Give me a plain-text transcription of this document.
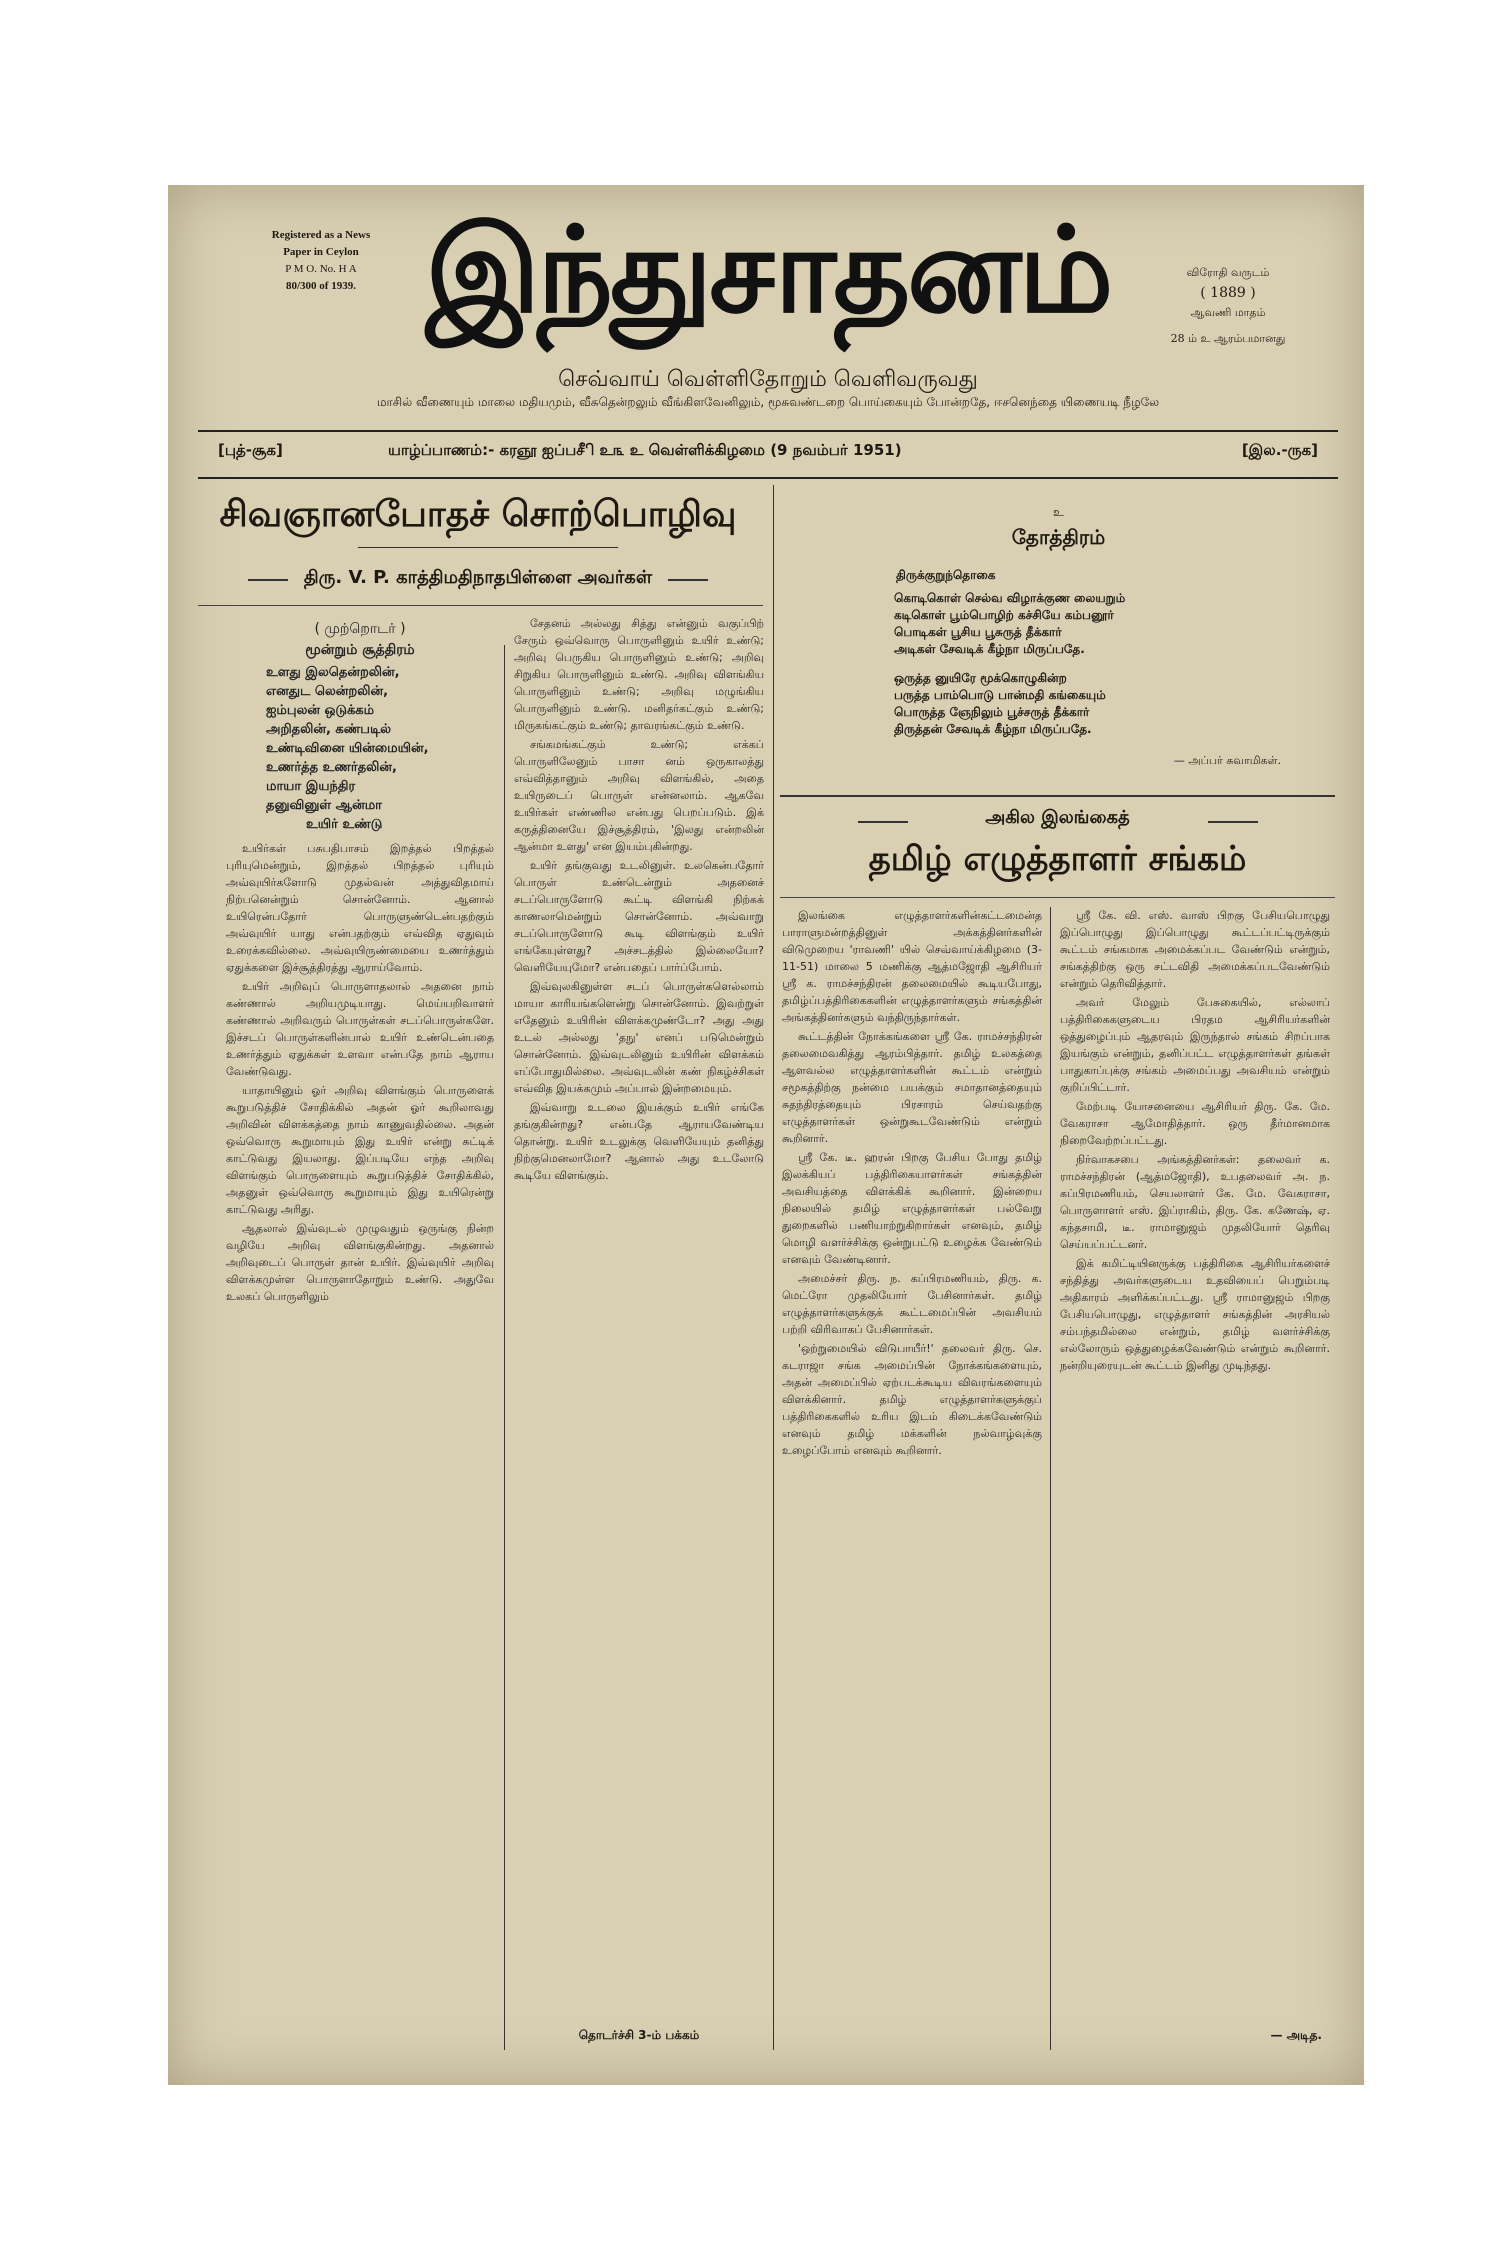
Registered as a News
Paper in Ceylon
P M O. No. H A
80/300 of 1939. இந்துசாதனம்	விரோதி வருடம்
( 1889 )
ஆவணி மாதம்
28 ம் உ ஆரம்பமானது
செவ்வாய் வெள்ளிதோறும் வெளிவருவது
மாசில் வீணையும் மாலை மதியமும், வீசுதென்றலும் வீங்கிளவேனிலும், மூசுவண்டறை பொய்கையும் போன்றதே, ஈசனெந்தை யிணையடி நீழலே
[புத்-சூக]	யாழ்ப்பாணம்:- கரஞூ ஐப்பசிீ உ௩ உ வெள்ளிக்கிழமை (9 நவம்பர் 1951)	[இல.-ருக]
சிவஞானபோதச் சொற்பொழிவு
திரு. V. P. காத்திமதிநாதபிள்ளை அவர்கள்
( முற்றொடர் )
மூன்றும் சூத்திரம்
உளது இலதென்றலின்,
எனதுட லென்றலின்,
ஐம்புலன் ஒடுக்கம்
அறிதலின், கண்படில்
உண்டிவினை யின்மையின்,
உணர்த்த உணர்தலின்,
மாயா இயந்திர
தனுவினுள் ஆன்மா
உயிர் உண்டு

உயிர்கள் பசுபதிபாசம் இறத்தல் பிறத்தல் புரியுமென்றும், இறத்தல் பிறத்தல் புரியும் அவ்வுயிர்களோடு முதல்வன் அத்துவிதமாய் நிற்பனென்றும் சொன்னோம். ஆனால் உயிரென்பதோர் பொருளுண்டென்பதற்கும் அவ்வுயிர் யாது என்பதற்கும் எவ்வித ஏதுவும் உரைக்கவில்லை. அவ்வுயிருண்மையை உணர்த்தும் ஏதுக்களை இச்சூத்திரத்து ஆராய்வோம்.

உயிர் அறிவுப் பொருளாதலால் அதனை நாம் கண்ணால் அறியமுடியாது. மெய்யறிவாளர் கண்ணால் அறிவரும் பொருள்கள் சடப்பொருள்களே. இச்சடப் பொருள்களின்பால் உயிர் உண்டென்பதை உணர்த்தும் ஏதுக்கள் உளவா என்பதே நாம் ஆராய வேண்டுவது.

யாதாயினும் ஓர் அறிவு விளங்கும் பொருளைக் கூறுபடுத்திச் சோதிக்கில் அதன் ஓர் கூறிலாவது அறிவின் விளக்கத்தை நாம் காணுவதில்லை. அதன் ஒவ்வொரு கூறுமாயும் இது உயிர் என்று சுட்டிக் காட்டுவது இயலாது. இப்படியே எந்த அறிவு விளங்கும் பொருளையும் கூறுபடுத்திச் சோதிக்கில், அதனுள் ஒவ்வொரு கூறுமாயும் இது உயிரென்று காட்டுவது அரிது.

ஆதலால் இவ்வுடல் முழுவதும் ஒருங்கு நின்ற வழியே அறிவு விளங்குகின்றது. அதனால் அறிவுடைப் பொருள் தான் உயிர். இவ்வுயிர் அறிவு விளக்கமுள்ள பொருளாதோறும் உண்டு. அதுவே உலகப் பொருளிலும்

சேதனம் அல்லது சித்து என்னும் வகுப்பிற் சேரும் ஒவ்வொரு பொருளினும் உயிர் உண்டு; அறிவு பெருகிய பொருளினும் உண்டு; அறிவு சிறுகிய பொருளினும் உண்டு. அறிவு விளங்கிய பொருளினும் உண்டு; அறிவு மழுங்கிய பொருளினும் உண்டு. மனிதர்கட்கும் உண்டு; மிருகங்கட்கும் உண்டு; தாவரங்கட்கும் உண்டு.

சங்கமங்கட்கும் உண்டு; எக்கப் பொருளிலேனும் பாசா னம் ஒருகாலத்து எவ்வித்தானும் அறிவு விளங்கில், அதை உயிருடைப் பொருள் என்னலாம். ஆகவே உயிர்கள் எண்ணில என்பது பெறப்படும். இக் கருத்தினையே இச்சூத்திரம், 'இலது என்றலின் ஆன்மா உளது' என இயம்புகின்றது.

உயிர் தங்குவது உடலினுள். உலகென்பதோர் பொருள் உண்டென்றும் அதனைச் சடப்பொருளோடு கூட்டி விளங்கி நிற்கக் காணலாமென்றும் சொன்னோம். அவ்வாறு சடப்பொருளோடு கூடி விளங்கும் உயிர் எங்கேயுள்ளது? அச்சடத்தில் இல்லையோ? வெளியேயுமோ? என்பதைப் பார்ப்போம்.

இவ்வுலகினுள்ள சடப் பொருள்களெல்லாம் மாயா காரியங்களென்று சொன்னோம். இவற்றுள் எதேனும் உயிரின் விளக்கமுண்டோ? அது அது உடல் அல்லது 'தநு' எனப் படுமென்றும் சொன்னோம். இவ்வுடலினும் உயிரின் விளக்கம் எப்போதுமில்லை. அவ்வுடலின் கண் நிகழ்ச்சிகள் எவ்வித இயக்கமும் அப்பால் இன்றமையும்.

இவ்வாறு உடலை இயக்கும் உயிர் எங்கே தங்குகின்றது? என்பதே ஆராயவேண்டிய தொன்று. உயிர் உடலுக்கு வெளியேயும் தனித்து நிற்குமெனலாமோ? ஆனால் அது உடலோடு கூடியே விளங்கும்.

தொடர்ச்சி 3-ம் பக்கம்
உ
தோத்திரம்
திருக்குறுந்தொகை
கொடிகொள் செல்வ விழாக்குண லையறும்
கடிகொள் பூம்பொழிற் கச்சியே கம்பனூர்
பொடிகள் பூசிய பூசுருத் தீக்கார்
அடிகள் சேவடிக் கீழ்நா மிருப்பதே.
ஒருத்த னுயிரே மூக்கொழுகின்ற
பருத்த பாம்பொடு பான்மதி கங்கையும்
பொருத்த ஞேநிலும் பூச்சருத் தீக்கார்
திருத்தன் சேவடிக் கீழ்நா மிருப்பதே.
— அப்பர் சுவாமிகள்.
அகில இலங்கைத்
தமிழ் எழுத்தாளர் சங்கம்

இலங்கை எழுத்தாளர்களின்கட்டமைன்த பாராளுமன்றத்தினுள் அக்கத்தினர்களின் விடுமுறைய 'ராவணி' யில் செவ்வாய்க்கிழமை (3-11-51) மாலை 5 மணிக்கு ஆத்மஜோதி ஆசிரியர் ஸ்ரீ க. ராமச்சந்திரன் தலைமையில் கூடியபோது, தமிழ்ப்பத்திரிகைகளின் எழுத்தாளர்களும் சங்கத்தின் அங்கத்தினர்களும் வந்திருந்தார்கள்.

கூட்டத்தின் நோக்கங்களை ஸ்ரீ கே. ராமச்சந்திரன் தலைமைவகித்து ஆரம்பித்தார். தமிழ் உலகத்தை ஆளவல்ல எழுத்தாளர்களின் கூட்டம் என்றும் சமூகத்திற்கு நன்மை பயக்கும் சமாதானத்தையும் சுதந்திரத்தையும் பிரசாரம் செய்வதற்கு எழுத்தாளர்கள் ஒன்றுகூடவேண்டும் என்றும் கூறினார்.

ஸ்ரீ கே. டீ. ஹரன் பிறகு பேசிய போது தமிழ் இலக்கியப் பத்திரிகையாளர்கள் சங்கத்தின் அவசியத்தை விளக்கிக் கூறினார். இன்றைய நிலையில் தமிழ் எழுத்தாளர்கள் பல்வேறு துறைகளில் பணியாற்றுகிறார்கள் எனவும், தமிழ் மொழி வளர்ச்சிக்கு ஒன்றுபட்டு உழைக்க வேண்டும் எனவும் வேண்டினார்.

அமைச்சர் திரு. ந. கப்பிரமணியம், திரு. க. மெட்ரோ முதலியோர் பேசினார்கள். தமிழ் எழுத்தாளர்களுக்குக் கூட்டமைப்பின் அவசியம் பற்றி விரிவாகப் பேசினார்கள்.

'ஒற்றுமையில் விடுபாயீர்!' தலைவர் திரு. செ. கடராஜா சங்க அமைப்பின் நோக்கங்களையும், அதன் அமைப்பில் ஏற்படக்கூடிய விவரங்களையும் விளக்கினார். தமிழ் எழுத்தாளர்களுக்குப் பத்திரிகைகளில் உரிய இடம் கிடைக்கவேண்டும் எனவும் தமிழ் மக்களின் நல்வாழ்வுக்கு உழைப்போம் எனவும் கூறினார்.

ஸ்ரீ கே. வி. எஸ். வாஸ் பிறகு பேசியபொழுது இப்பொழுது இப்பொழுது கூட்டப்பட்டிருக்கும் கூட்டம் சங்கமாக அமைக்கப்பட வேண்டும் என்றும், சங்கத்திற்கு ஒரு சட்டவிதி அமைக்கப்படவேண்டும் என்றும் தெரிவித்தார்.

அவர் மேலும் பேசுகையில், எல்லாப் பத்திரிகைகளுடைய பிரதம ஆசிரியர்களின் ஒத்துழைப்பும் ஆதரவும் இருந்தால் சங்கம் சிறப்பாக இயங்கும் என்றும், தனிப்பட்ட எழுத்தாளர்கள் தங்கள் பாதுகாப்புக்கு சங்கம் அமைப்பது அவசியம் என்றும் குறிப்பிட்டார்.

மேற்படி யோசனையை ஆசிரியர் திரு. கே. மே. வேகராசா ஆமோதித்தார். ஒரு தீர்மானமாக நிறைவேற்றப்பட்டது.

நிர்வாகசபை அங்கத்தினர்கள்: தலைவர் க. ராமச்சந்திரன் (ஆத்மஜோதி), உபதலைவர் அ. ந. கப்பிரமணியம், செயலாளர் கே. மே. வேகராசா, பொருளாளர் எஸ். இப்ராகிம், திரு. கே. கணேஷ், ஏ. கந்தசாமி, டீ. ராமானுஜம் முதலியோர் தெரிவு செய்யப்பட்டனர்.

இக் கமிட்டியினருக்கு பத்திரிகை ஆசிரியர்களைச் சந்தித்து அவர்களுடைய உதவியைப் பெறும்படி அதிகாரம் அளிக்கப்பட்டது. ஸ்ரீ ராமானுஜம் பிறகு பேசியபொழுது, எழுத்தாளர் சங்கத்தின் அரசியல் சம்பந்தமில்லை என்றும், தமிழ் வளர்ச்சிக்கு எல்லோரும் ஒத்துழைக்கவேண்டும் என்றும் கூறினார். நன்றியுரையுடன் கூட்டம் இனிது முடிந்தது.

— அடித.
